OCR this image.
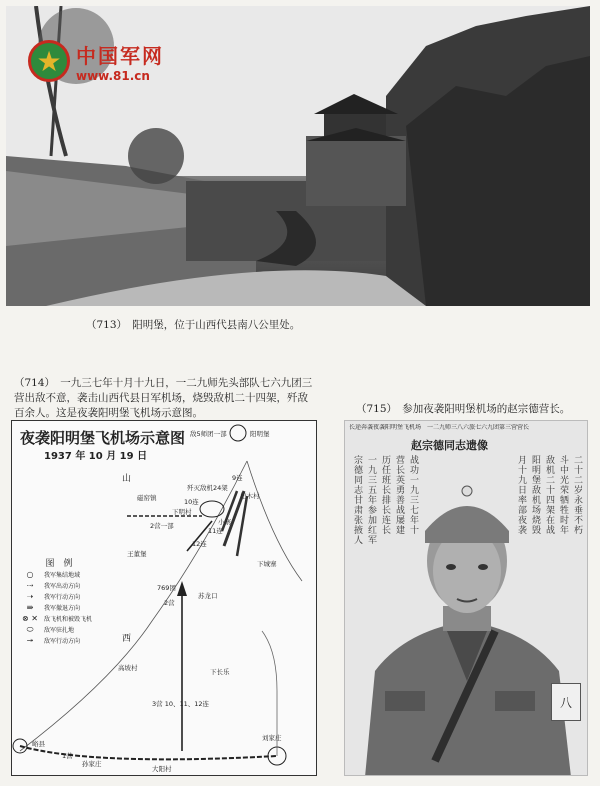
★ 中国军网
www.81.cn
（713）　阳明堡，位于山西代县南八公里处。
（714）　一九三七年十月十九日，一二九师先头部队七六九团三营出敌不意，袭击山西代县日军机场，烧毁敌机二十四架，歼敌百余人。这是夜袭阳明堡飞机场示意图。	（715）　参加夜袭阳明堡机场的赵宗德营长。
夜袭阳明堡飞机场示意图
1937 年 10 月 19 日
敌5师团一部	阳明堡
9连
歼灭敌机24架
10连
柏木村
磁窑镇
下明村
小寨
2营一部
12连
11连
王董堡
下城寨
769团
苏龙口
2营
下长乐
高坡村
3营 10、11、12连
峪县
刘家庄
1营
孙家庄
大阳村
山
西
图　例
○	我军集结地域
⇢	我军出动方向
➝	我军行动方向
⇛	我军撤退方向
⊗ ✕	敌飞机和被毁飞机
⬭	敌军驻扎地
↠	敌军行动方向
长途奔袭夜袭阳明堡飞机场　一二九师三八六旅七六九团第三营营长
赵宗德同志遗像
宗德同志甘肃张掖人 一九三五年参加红军 历任班长排长连长 营长英勇善战屡建 战功一九三七年十	月十九日率部夜袭 阳明堡敌机场烧毁 敌机二十四架在战 斗中光荣牺牲时年 二十二岁永垂不朽
八
